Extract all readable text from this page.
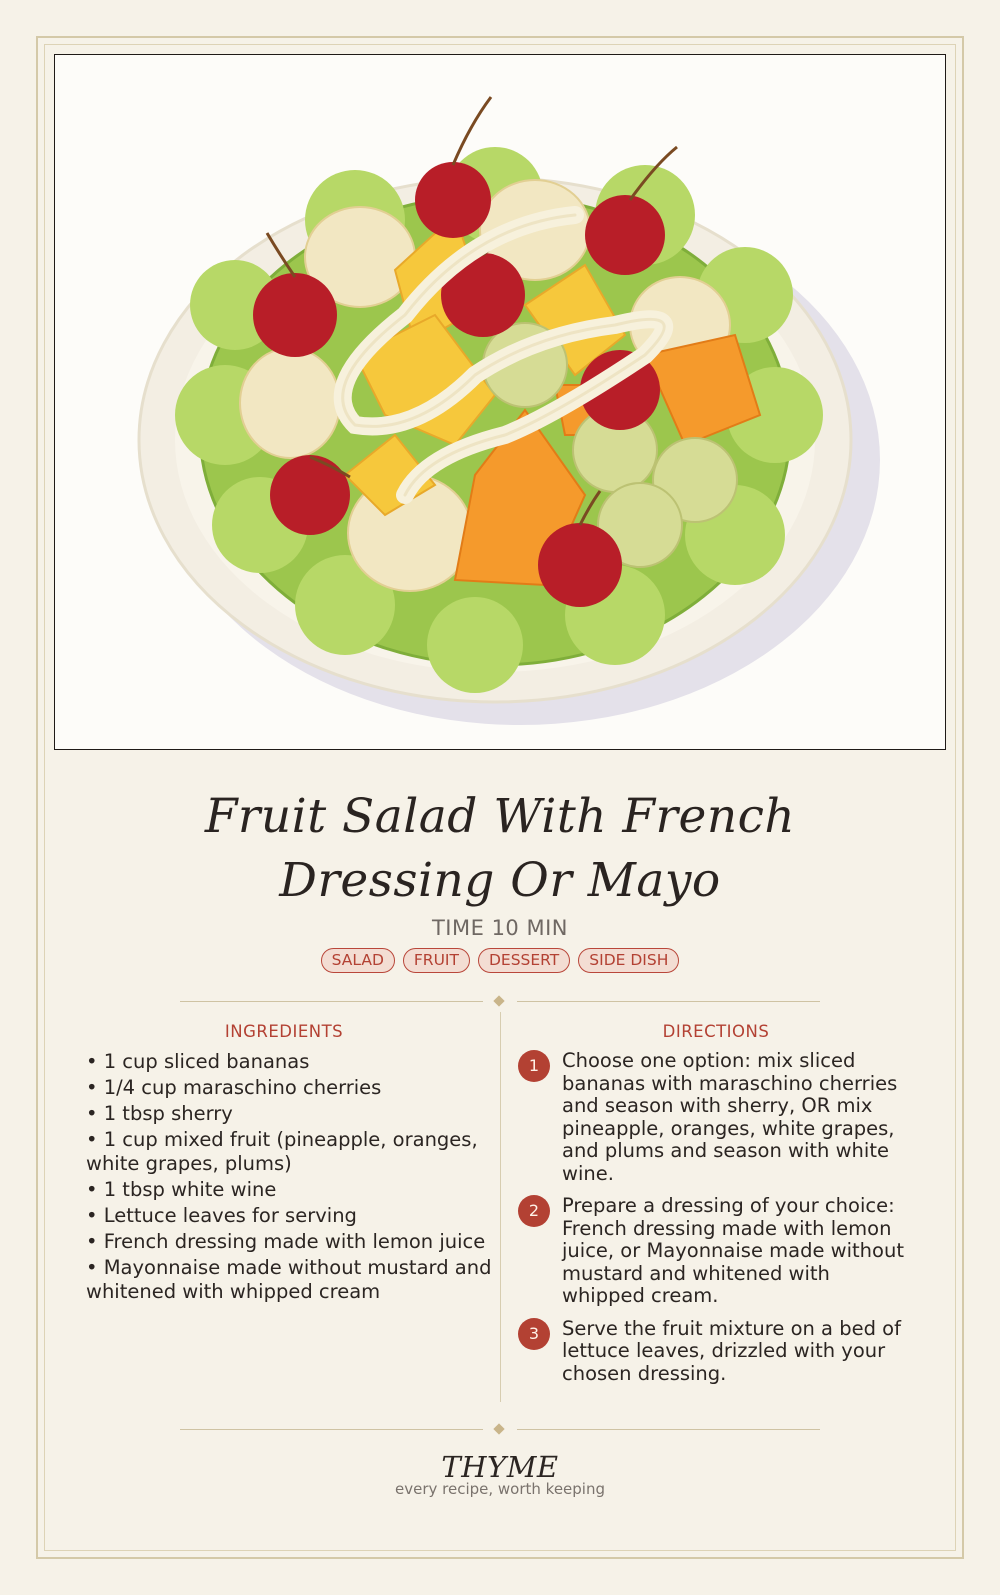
Fruit Salad With French Dressing Or Mayo
TIME 10 MIN
SALAD	FRUIT	DESSERT	SIDE DISH
INGREDIENTS	DIRECTIONS
• 1 cup sliced bananas
• 1/4 cup maraschino cherries
• 1 tbsp sherry
• 1 cup mixed fruit (pineapple, oranges, white grapes, plums)
• 1 tbsp white wine
• Lettuce leaves for serving
• French dressing made with lemon juice
• Mayonnaise made without mustard and whitened with whipped cream
1	Choose one option: mix sliced bananas with maraschino cherries and season with sherry, OR mix pineapple, oranges, white grapes, and plums and season with white wine.
2	Prepare a dressing of your choice: French dressing made with lemon juice, or Mayonnaise made without mustard and whitened with whipped cream.
3	Serve the fruit mixture on a bed of lettuce leaves, drizzled with your chosen dressing.
THYME
every recipe, worth keeping
